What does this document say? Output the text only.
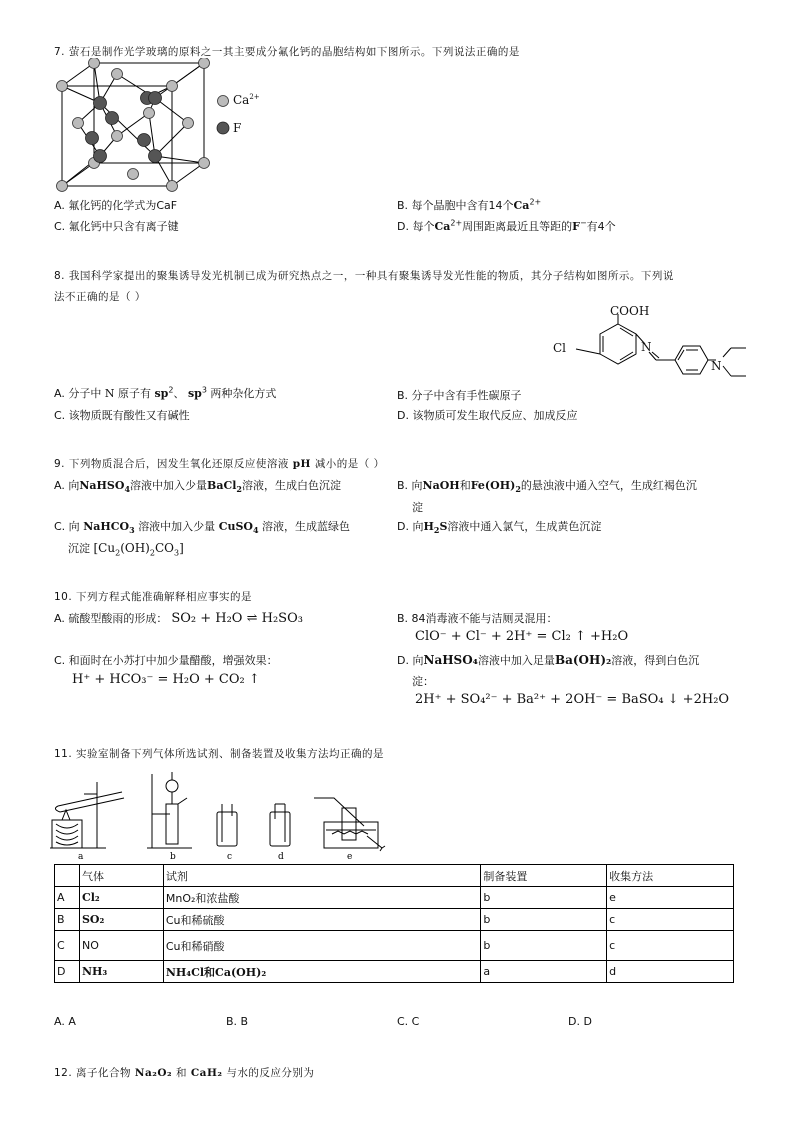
7. 萤石是制作光学玻璃的原料之一其主要成分氟化钙的晶胞结构如下图所示。下列说法正确的是
$Ca^{2+}$
F
A. 氟化钙的化学式为CaF	B. 每个晶胞中含有14个$Ca^{2+}$
C. 氟化钙中只含有离子键	D. 每个$Ca^{2+}$周围距离最近且等距的F−有4个
8. 我国科学家提出的聚集诱导发光机制已成为研究热点之一，一种具有聚集诱导发光性能的物质，其分子结构如图所示。下列说
法不正确的是（ ）
COOH
Cl	N
N
A. 分子中 N 原子有 $sp^2$、 $sp^3$ 两种杂化方式	B. 分子中含有手性碳原子
C. 该物质既有酸性又有碱性	D. 该物质可发生取代反应、加成反应
9. 下列物质混合后，因发生氧化还原反应使溶液 pH 减小的是（ ）
A. 向NaHSO$_4$溶液中加入少量BaCl$_2$溶液，生成白色沉淀	B. 向NaOH和$Fe(OH)_2$的悬浊液中通入空气，生成红褐色沉
淀
C. 向 NaHCO$_3$ 溶液中加入少量 CuSO$_4$ 溶液，生成蓝绿色
沉淀 $[Cu_2(OH)_2CO_3]$
D. 向$H_2S$溶液中通入氯气，生成黄色沉淀
10. 下列方程式能准确解释相应事实的是
A. 硫酸型酸雨的形成： SO₂ + H₂O ⇌ H₂SO₃	B. 84消毒液不能与洁厕灵混用：
ClO⁻ + Cl⁻ + 2H⁺ = Cl₂ ↑ +H₂O
C. 和面时在小苏打中加少量醋酸，增强效果：
H⁺ + HCO₃⁻ = H₂O + CO₂ ↑
D. 向NaHSO₄溶液中加入足量Ba(OH)₂溶液，得到白色沉
淀：
2H⁺ + SO₄²⁻ + Ba²⁺ + 2OH⁻ = BaSO₄ ↓ +2H₂O
11. 实验室制备下列气体所选试剂、制备装置及收集方法均正确的是
a	b	c	d	e
	气体	试剂	制备装置	收集方法
A	Cl₂	MnO₂和浓盐酸	b	e
B	SO₂	Cu和稀硫酸	b	c
C	NO	Cu和稀硝酸	b	c
D	NH₃	NH₄Cl和Ca(OH)₂	a	d
A. A	B. B	C. C	D. D
12. 离子化合物 Na₂O₂ 和 CaH₂ 与水的反应分别为
